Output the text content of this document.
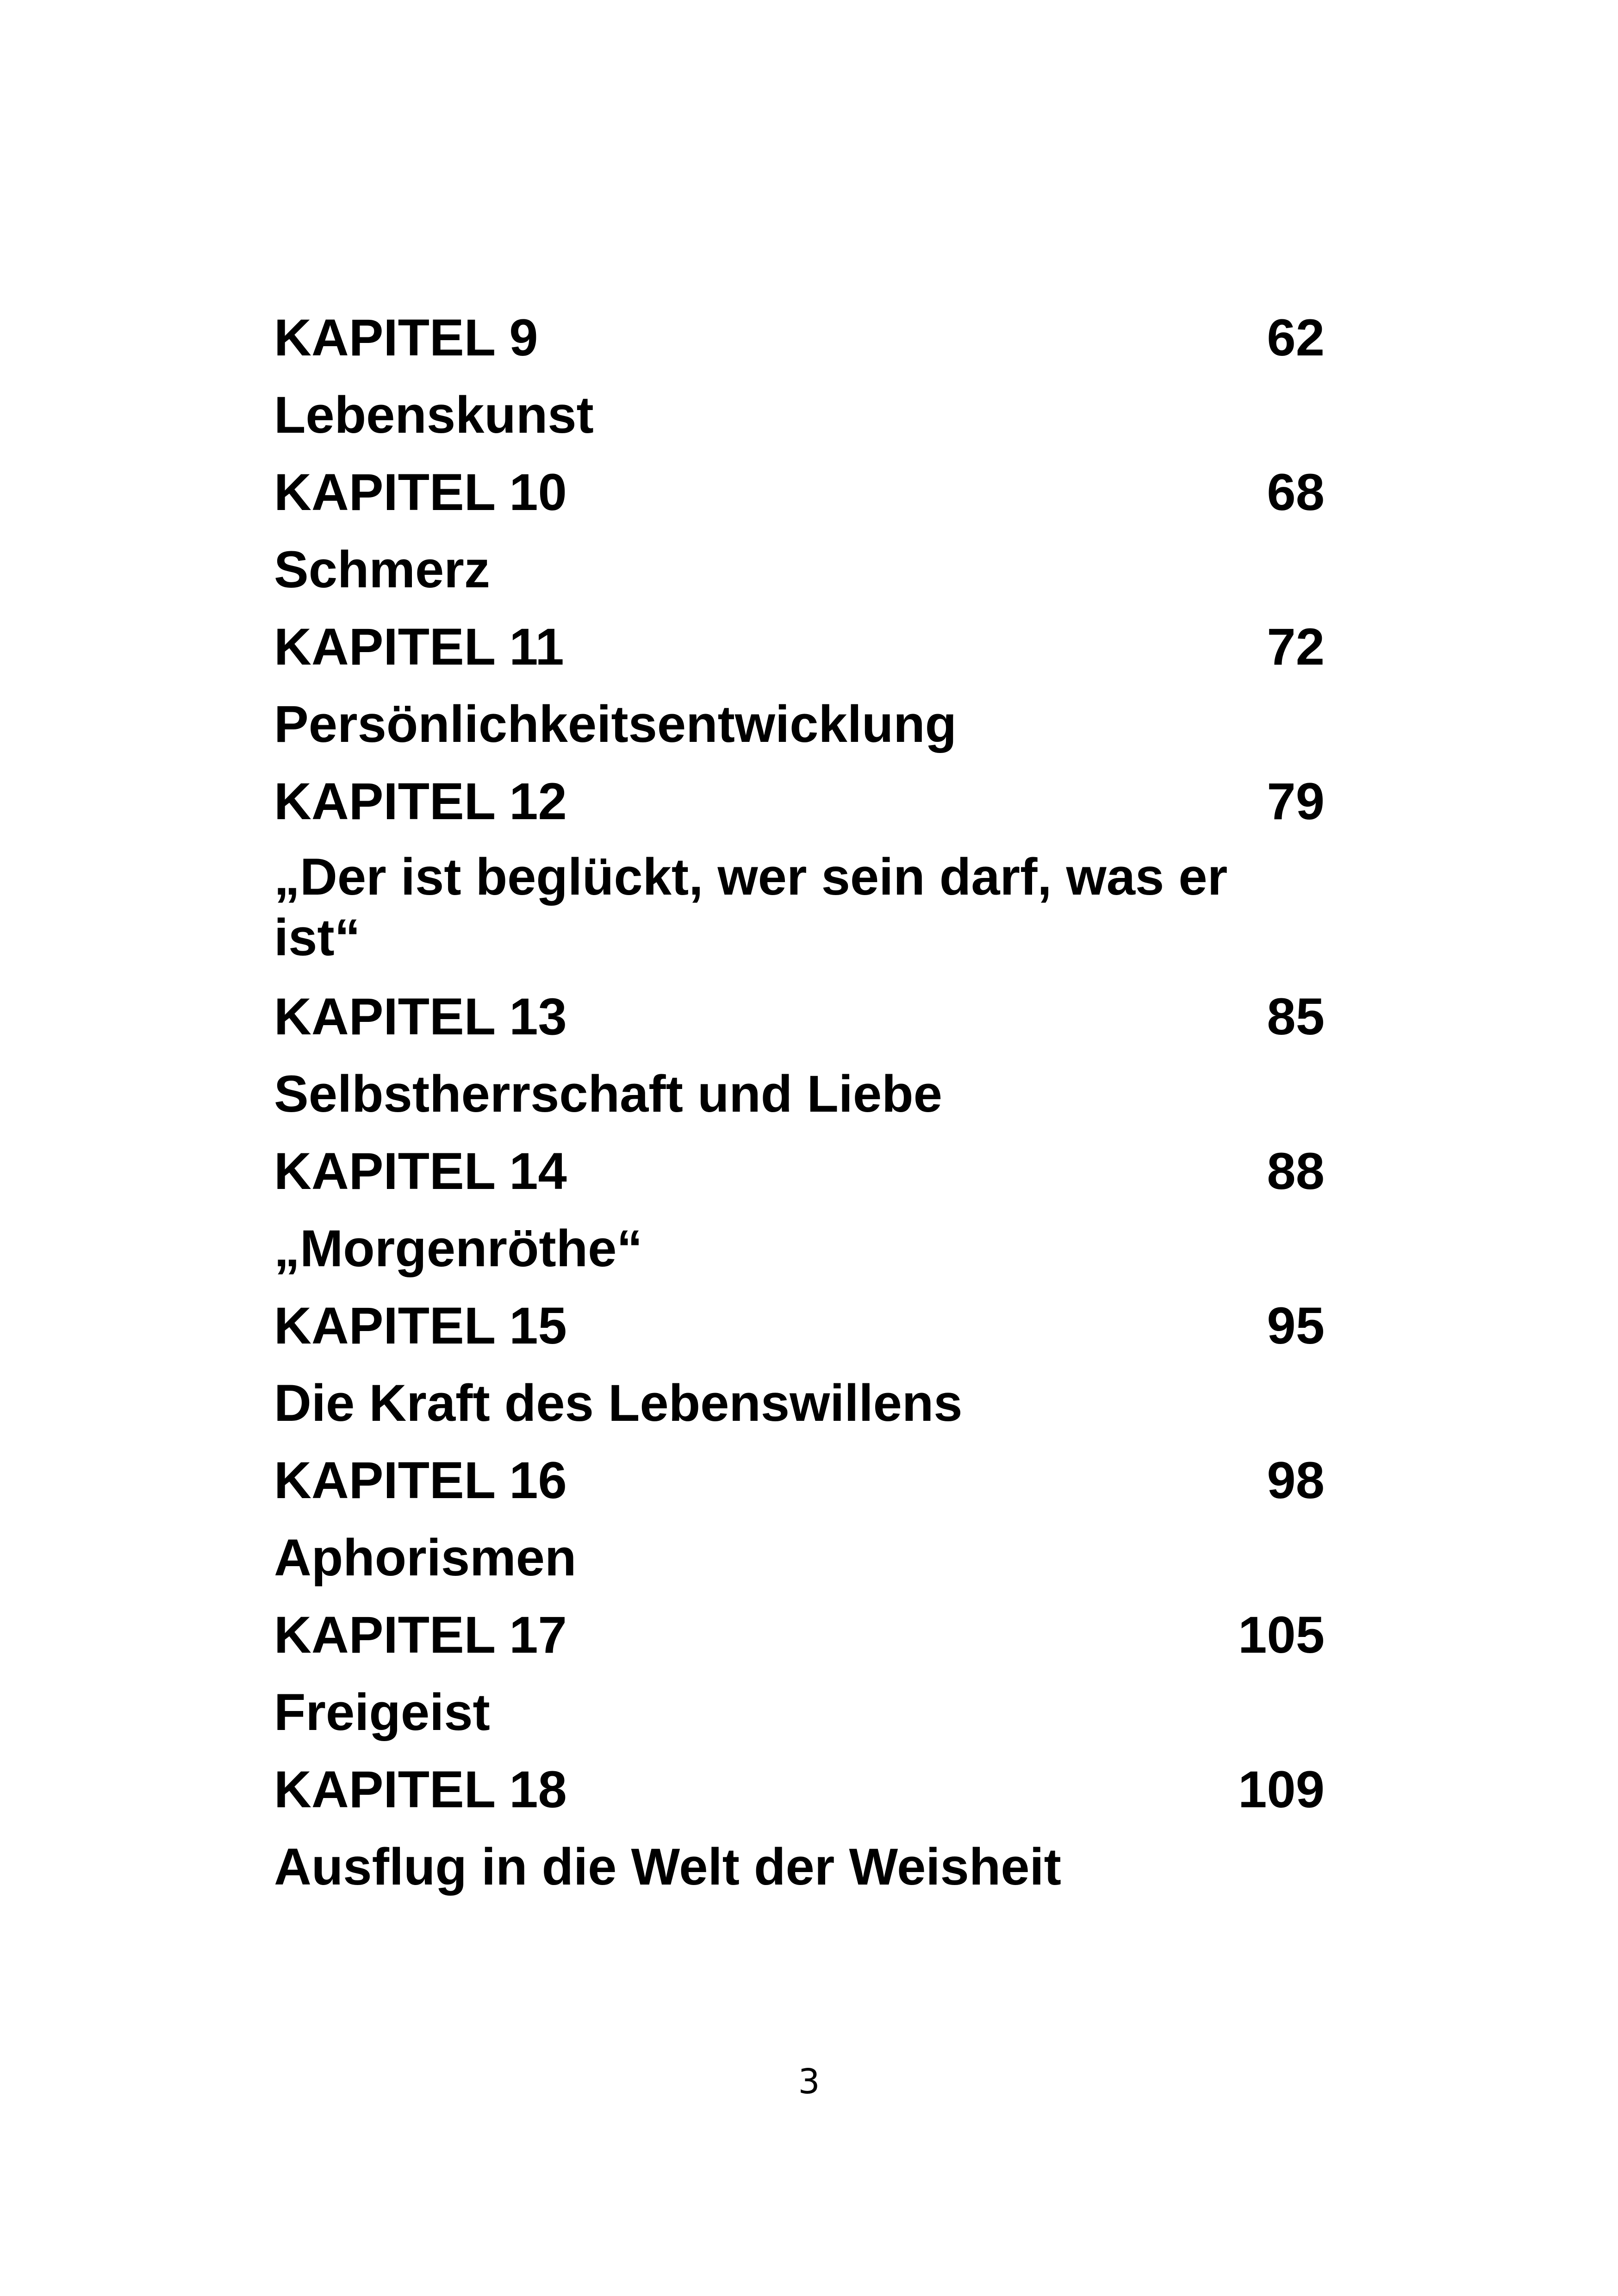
KAPITEL 9	62
Lebenskunst
KAPITEL 10	68
Schmerz
KAPITEL 11	72
Persönlichkeitsentwicklung
KAPITEL 12	79
„Der ist beglückt, wer sein darf, was er ist“
KAPITEL 13	85
Selbstherrschaft und Liebe
KAPITEL 14	88
„Morgenröthe“
KAPITEL 15	95
Die Kraft des Lebenswillens
KAPITEL 16	98
Aphorismen
KAPITEL 17	105
Freigeist
KAPITEL 18	109
Ausflug in die Welt der Weisheit
3
